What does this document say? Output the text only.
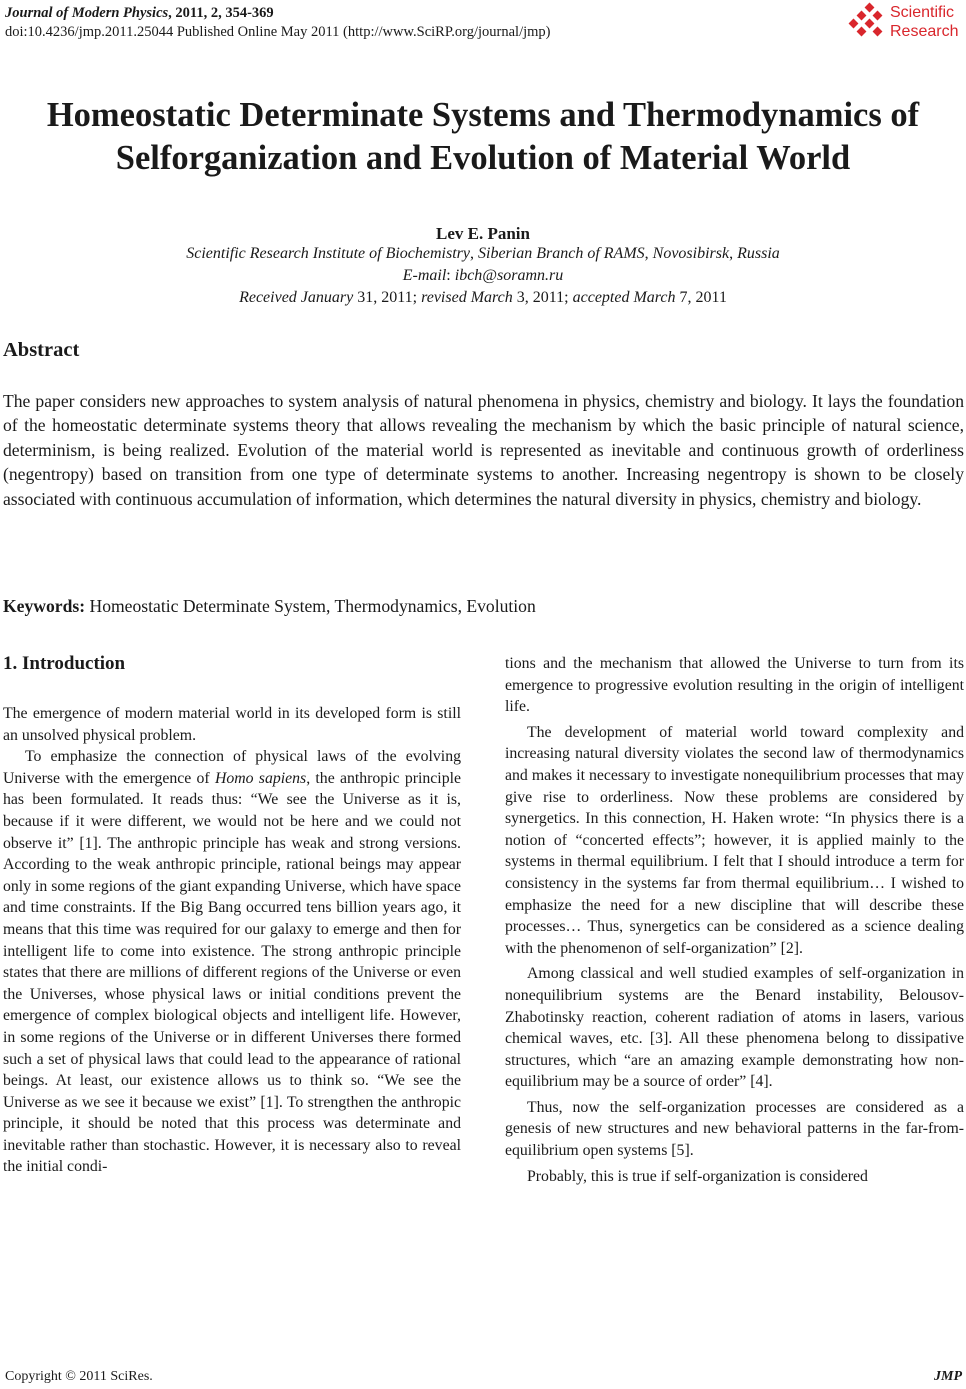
Journal of Modern Physics, 2011, 2, 354-369
doi:10.4236/jmp.2011.25044 Published Online May 2011 (http://www.SciRP.org/journal/jmp)
Scientific
Research
Homeostatic Determinate Systems and Thermodynamics of
Selforganization and Evolution of Material World
Lev E. Panin
Scientific Research Institute of Biochemistry, Siberian Branch of RAMS, Novosibirsk, Russia
E-mail: ibch@soramn.ru
Received January 31, 2011; revised March 3, 2011; accepted March 7, 2011
Abstract
The paper considers new approaches to system analysis of natural phenomena in physics, chemistry and biology. It lays the foundation of the homeostatic determinate systems theory that allows revealing the mechanism by which the basic principle of natural science, determinism, is being realized. Evolution of the material world is represented as inevitable and continuous growth of orderliness (negentropy) based on transition from one type of determinate systems to another. Increasing negentropy is shown to be closely associated with continuous accumulation of information, which determines the natural diversity in physics, chemistry and biology.
Keywords: Homeostatic Determinate System, Thermodynamics, Evolution
1. Introduction

The emergence of modern material world in its developed form is still an unsolved physical problem.

To emphasize the connection of physical laws of the evolving Universe with the emergence of Homo sapiens, the anthropic principle has been formulated. It reads thus: “We see the Universe as it is, because if it were different, we would not be here and we could not observe it” [1]. The anthropic principle has weak and strong versions. According to the weak anthropic principle, rational beings may appear only in some regions of the giant expanding Universe, which have space and time constraints. If the Big Bang occurred tens billion years ago, it means that this time was required for our galaxy to emerge and then for intelligent life to come into existence. The strong anthropic principle states that there are millions of different regions of the Universe or even the Universes, whose physical laws or initial conditions prevent the emergence of complex biological objects and intelligent life. However, in some regions of the Universe or in different Universes there formed such a set of physical laws that could lead to the appearance of rational beings. At least, our existence allows us to think so. “We see the Universe as we see it because we exist” [1]. To strengthen the anthropic principle, it should be noted that this process was determinate and inevitable rather than stochastic. However, it is necessary also to reveal the initial condi-

tions and the mechanism that allowed the Universe to turn from its emergence to progressive evolution resulting in the origin of intelligent life.

The development of material world toward complexity and increasing natural diversity violates the second law of thermodynamics and makes it necessary to investigate nonequilibrium processes that may give rise to orderliness. Now these problems are considered by synergetics. In this connection, H. Haken wrote: “In physics there is a notion of “concerted effects”; however, it is applied mainly to the systems in thermal equilibrium. I felt that I should introduce a term for consistency in the systems far from thermal equilibrium… I wished to emphasize the need for a new discipline that will describe these processes… Thus, synergetics can be considered as a science dealing with the phenomenon of self-organization” [2].

Among classical and well studied examples of self-organization in nonequilibrium systems are the Benard instability, Belousov-Zhabotinsky reaction, coherent radiation of atoms in lasers, various chemical waves, etc. [3]. All these phenomena belong to dissipative structures, which “are an amazing example demonstrating how non-equilibrium may be a source of order” [4].

Thus, now the self-organization processes are considered as a genesis of new structures and new behavioral patterns in the far-from-equilibrium open systems [5].

Probably, this is true if self-organization is considered

Copyright © 2011 SciRes.	JMP
